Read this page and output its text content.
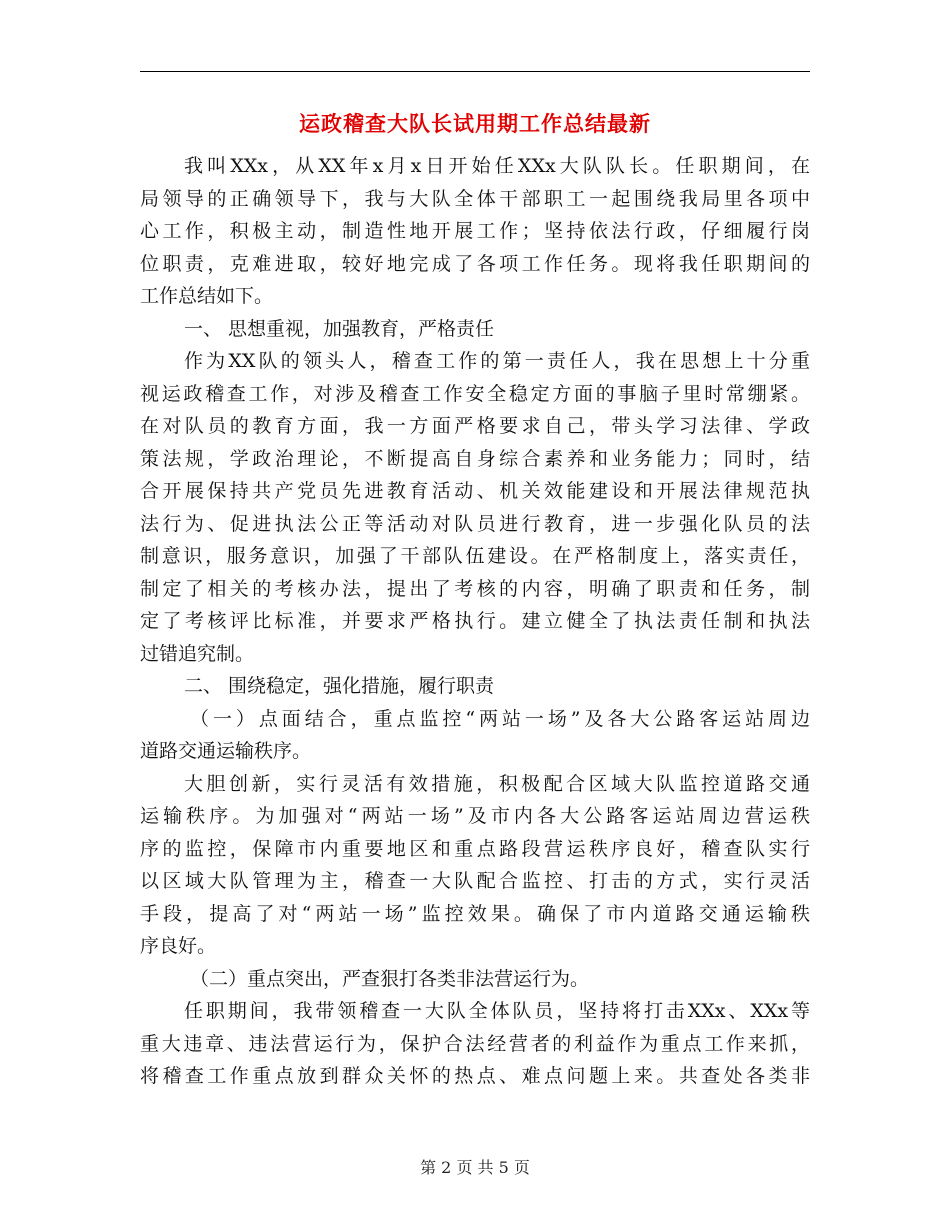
运政稽查大队长试用期工作总结最新
我叫XXx，从XX年x月x日开始任XXx大队队长。任职期间，在
局领导的正确领导下，我与大队全体干部职工一起围绕我局里各项中
心工作，积极主动，制造性地开展工作；坚持依法行政，仔细履行岗
位职责，克难进取，较好地完成了各项工作任务。现将我任职期间的
工作总结如下。
一、 思想重视，加强教育，严格责任
作为XX队的领头人，稽查工作的第一责任人，我在思想上十分重
视运政稽查工作，对涉及稽查工作安全稳定方面的事脑子里时常绷紧。
在对队员的教育方面，我一方面严格要求自己，带头学习法律、学政
策法规，学政治理论，不断提高自身综合素养和业务能力；同时，结
合开展保持共产党员先进教育活动、机关效能建设和开展法律规范执
法行为、促进执法公正等活动对队员进行教育，进一步强化队员的法
制意识，服务意识，加强了干部队伍建设。在严格制度上，落实责任，
制定了相关的考核办法，提出了考核的内容，明确了职责和任务，制
定了考核评比标准，并要求严格执行。建立健全了执法责任制和执法
过错追究制。
二、 围绕稳定，强化措施，履行职责
（一）点面结合，重点监控“两站一场”及各大公路客运站周边
道路交通运输秩序。
大胆创新，实行灵活有效措施，积极配合区域大队监控道路交通
运输秩序。为加强对“两站一场”及市内各大公路客运站周边营运秩
序的监控，保障市内重要地区和重点路段营运秩序良好，稽查队实行
以区域大队管理为主，稽查一大队配合监控、打击的方式，实行灵活
手段，提高了对“两站一场”监控效果。确保了市内道路交通运输秩
序良好。
（二）重点突出，严查狠打各类非法营运行为。
任职期间，我带领稽查一大队全体队员，坚持将打击XXx、XXx等
重大违章、违法营运行为，保护合法经营者的利益作为重点工作来抓，
将稽查工作重点放到群众关怀的热点、难点问题上来。共查处各类非
第 2 页 共 5 页
